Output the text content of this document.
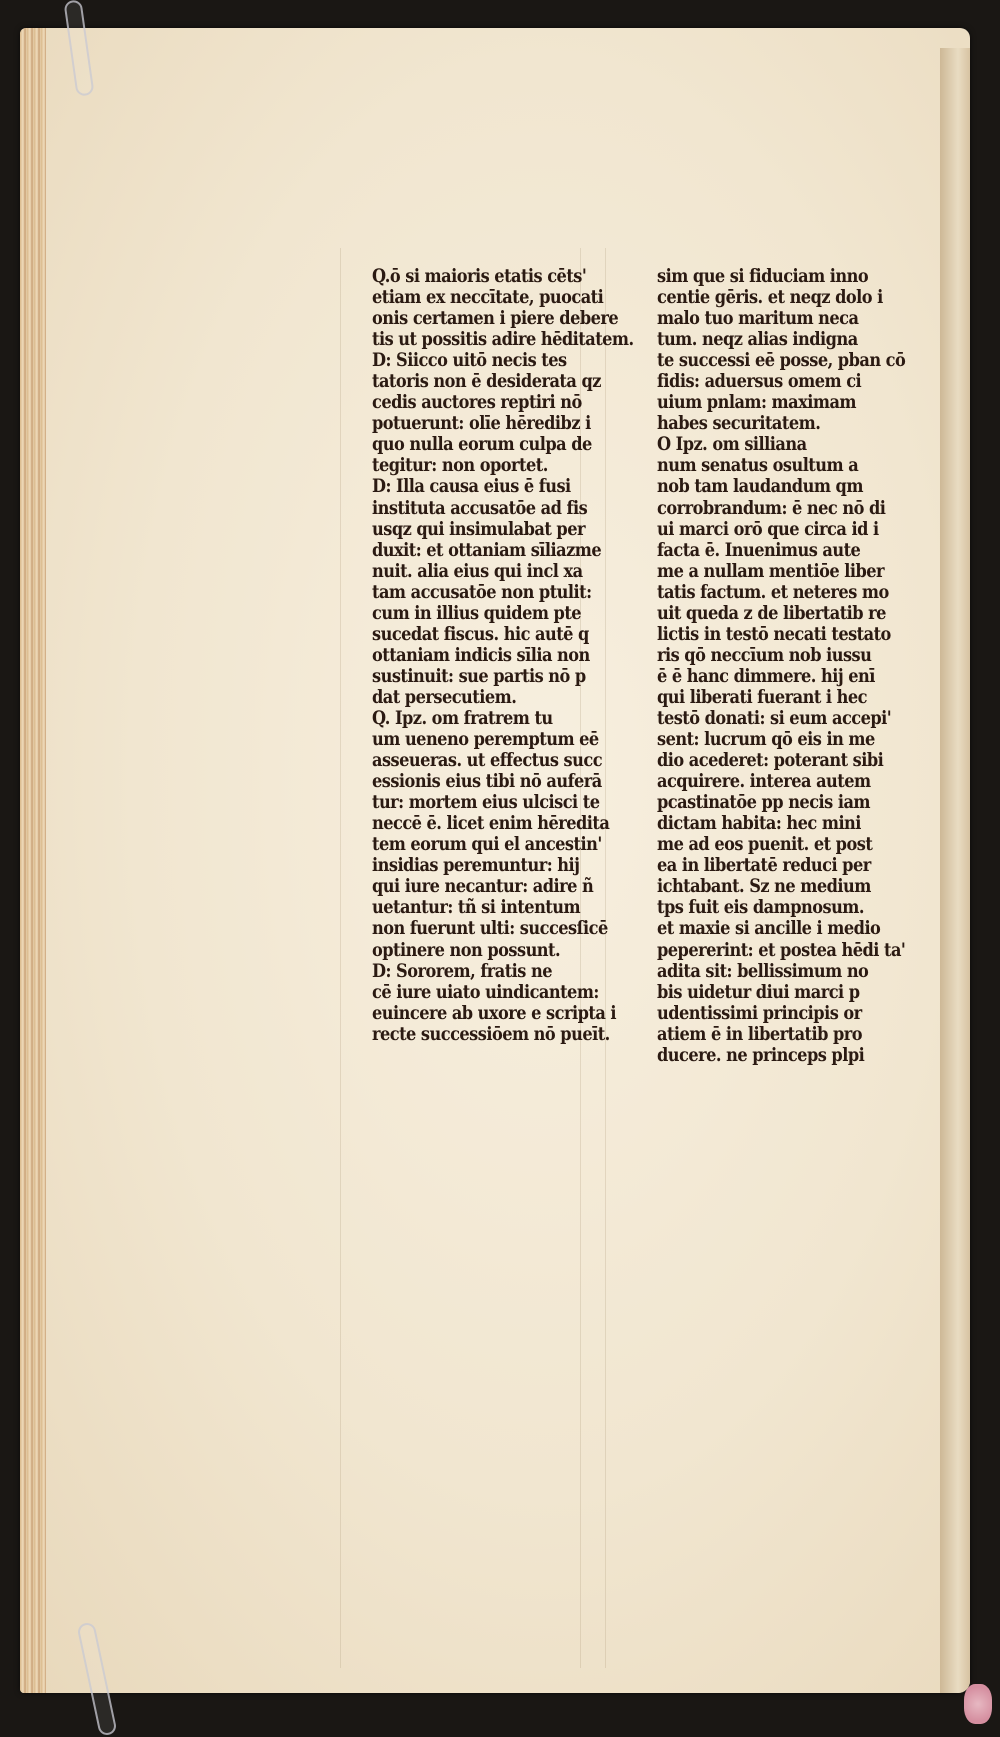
Q.ō si maioris etatis cēts'
etiam ex neccītate, puocati
onis certamen i piere debere
tis ut possitis adire hēditatem.
D: Siicco uitō necis tes
tatoris non ē desiderata qz
cedis auctores reptiri nō
potuerunt: olīe hēredibz i
quo nulla eorum culpa de
tegitur: non oportet.
D: Illa causa eius ē fusi
instituta accusatōe ad fis
usqz qui insimulabat per
duxit: et ottaniam sīliazme
nuit. alia eius qui incl xa
tam accusatōe non ptulit:
cum in illius quidem pte
sucedat fiscus. hic autē q
ottaniam indicis sīlia non
sustinuit: sue partis nō p
dat persecutiem.
Q. Ipz. om fratrem tu
um ueneno peremptum eē
asseueras. ut effectus succ
essionis eius tibi nō auferā
tur: mortem eius ulcisci te
neccē ē. licet enim hēredita
tem eorum qui el ancestin'
insidias peremuntur: hij
qui iure necantur: adire ñ
uetantur: tñ si intentum
non fuerunt ulti: succesſicē
optinere non possunt.
D: Sororem, fratis ne
cē iure uiato uindicantem:
euincere ab uxore e scripta i
recte successiōem nō pueīt.
sim que si fiduciam inno
centie gēris. et neqz dolo i
malo tuo maritum neca
tum. neqz alias indigna
te successi eē posse, pban cō
fidis: aduersus omem ci
uium pnlam: maximam
habes securitatem.
O Ipz. om silliana
num senatus osultum a
nob tam laudandum qm
corrobrandum: ē nec nō di
ui marci orō que circa id i
facta ē. Inuenimus aute
me a nullam mentiōe liber
tatis factum. et neteres mo
uit queda z de libertatib re
lictis in testō necati testato
ris qō neccīum nob iussu
ē ē hanc dimmere. hij enī
qui liberati fuerant i hec
testō donati: si eum accepi'
sent: lucrum qō eis in me
dio acederet: poterant sibi
acquirere. interea autem
pcastinatōe pp necis iam
dictam habita: hec mini
me ad eos puenit. et post
ea in libertatē reduci per
ichtabant. Sz ne medium
tps fuit eis dampnosum.
et maxie si ancille i medio
pepererint: et postea hēdi ta'
adita sit: bellissimum no
bis uidetur diui marci p
udentissimi principis or
atiem ē in libertatib pro
ducere. ne princeps plpi
